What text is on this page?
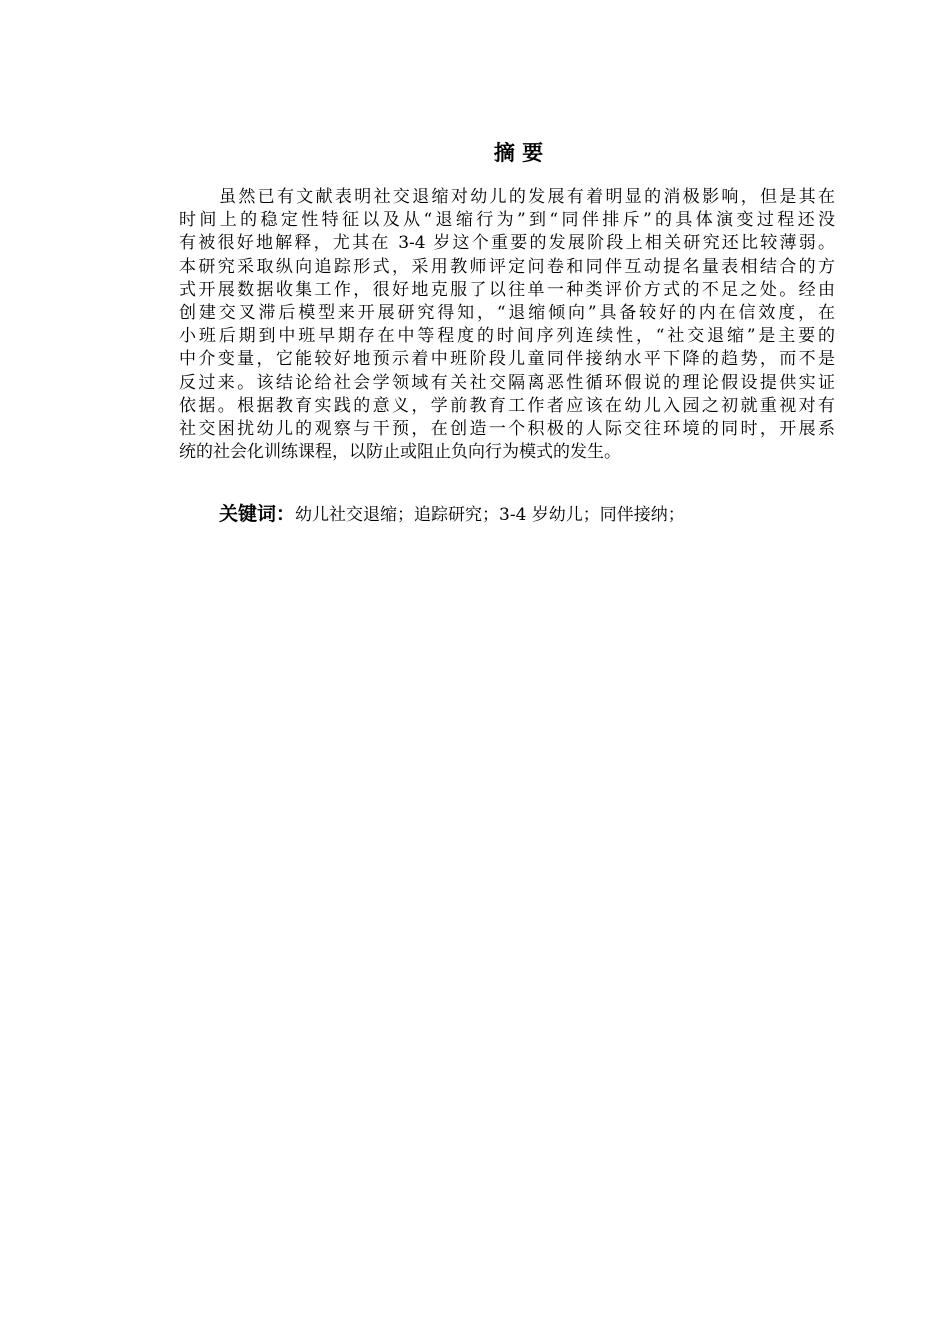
摘 要
虽然已有文献表明社交退缩对幼儿的发展有着明显的消极影响，但是其在
时间上的稳定性特征以及从“退缩行为”到“同伴排斥”的具体演变过程还没
有被很好地解释，尤其在 3-4 岁这个重要的发展阶段上相关研究还比较薄弱。
本研究采取纵向追踪形式，采用教师评定问卷和同伴互动提名量表相结合的方
式开展数据收集工作，很好地克服了以往单一种类评价方式的不足之处。经由
创建交叉滞后模型来开展研究得知，“退缩倾向”具备较好的内在信效度，在
小班后期到中班早期存在中等程度的时间序列连续性，“社交退缩”是主要的
中介变量，它能较好地预示着中班阶段儿童同伴接纳水平下降的趋势，而不是
反过来。该结论给社会学领域有关社交隔离恶性循环假说的理论假设提供实证
依据。根据教育实践的意义，学前教育工作者应该在幼儿入园之初就重视对有
社交困扰幼儿的观察与干预，在创造一个积极的人际交往环境的同时，开展系
统的社会化训练课程，以防止或阻止负向行为模式的发生。
关键词：幼儿社交退缩；追踪研究；3-4 岁幼儿；同伴接纳；
